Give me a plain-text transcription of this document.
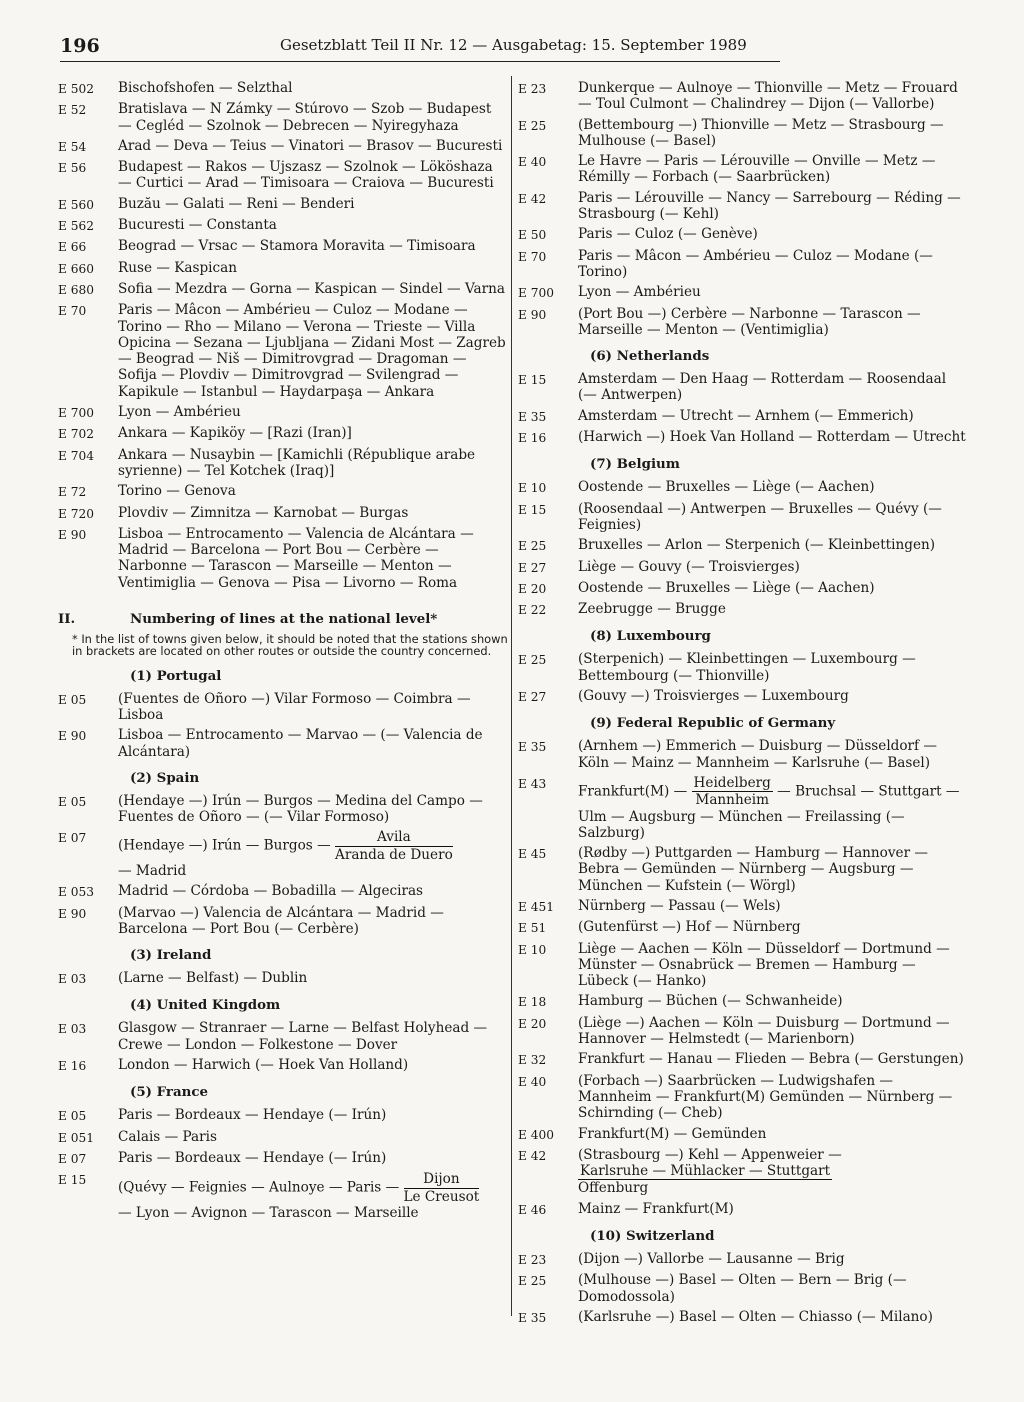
196	Gesetzblatt Teil II Nr. 12 — Ausgabetag: 15. September 1989
E 502	Bischofshofen — Selzthal
E 52	Bratislava — N Zámky — Stúrovo — Szob — Budapest — Cegléd — Szolnok — Debrecen — Nyiregyhaza
E 54	Arad — Deva — Teius — Vinatori — Brasov — Bucuresti
E 56	Budapest — Rakos — Ujszasz — Szolnok — Lököshaza — Curtici — Arad — Timisoara — Craiova — Bucuresti
E 560	Buzău — Galati — Reni — Benderi
E 562	Bucuresti — Constanta
E 66	Beograd — Vrsac — Stamora Moravita — Timisoara
E 660	Ruse — Kaspican
E 680	Sofia — Mezdra — Gorna — Kaspican — Sindel — Varna
E 70	Paris — Mâcon — Ambérieu — Culoz — Modane — Torino — Rho — Milano — Verona — Trieste — Villa Opicina — Sezana — Ljubljana — Zidani Most — Zagreb — Beograd — Niš — Dimitrovgrad — Dragoman — Sofija — Plovdiv — Dimitrovgrad — Svilengrad — Kapikule — Istanbul — Haydarpaşa — Ankara
E 700	Lyon — Ambérieu
E 702	Ankara — Kapiköy — [Razi (Iran)]
E 704	Ankara — Nusaybin — [Kamichli (République arabe syrienne) — Tel Kotchek (Iraq)]
E 72	Torino — Genova
E 720	Plovdiv — Zimnitza — Karnobat — Burgas
E 90	Lisboa — Entrocamento — Valencia de Alcántara — Madrid — Barcelona — Port Bou — Cerbère — Narbonne — Tarascon — Marseille — Menton — Ventimiglia — Genova — Pisa — Livorno — Roma
II.	Numbering of lines at the national level*
* In the list of towns given below, it should be noted that the stations shown in brackets are located on other routes or outside the country concerned.
(1) Portugal
E 05	(Fuentes de Oñoro —) Vilar Formoso — Coimbra — Lisboa
E 90	Lisboa — Entrocamento — Marvao — (— Valencia de Alcántara)
(2) Spain
E 05	(Hendaye —) Irún — Burgos — Medina del Campo — Fuentes de Oñoro — (— Vilar Formoso)
E 07	(Hendaye —) Irún — Burgos — $\frac{\text{Avila}}{\text{Aranda de Duero}}$

— Madrid
E 053	Madrid — Córdoba — Bobadilla — Algeciras
E 90	(Marvao —) Valencia de Alcántara — Madrid — Barcelona — Port Bou (— Cerbère)
(3) Ireland
E 03	(Larne — Belfast) — Dublin
(4) United Kingdom
E 03	Glasgow — Stranraer — Larne — Belfast Holyhead — Crewe — London — Folkestone — Dover
E 16	London — Harwich (— Hoek Van Holland)
(5) France
E 05	Paris — Bordeaux — Hendaye (— Irún)
E 051	Calais — Paris
E 07	Paris — Bordeaux — Hendaye (— Irún)
E 15	(Quévy — Feignies — Aulnoye — Paris — $\frac{\text{Dijon}}{\text{Le Creusot}}$

— Lyon — Avignon — Tarascon — Marseille
E 23	Dunkerque — Aulnoye — Thionville — Metz — Frouard — Toul Culmont — Chalindrey — Dijon (— Vallorbe)
E 25	(Bettembourg —) Thionville — Metz — Strasbourg — Mulhouse (— Basel)
E 40	Le Havre — Paris — Lérouville — Onville — Metz — Rémilly — Forbach (— Saarbrücken)
E 42	Paris — Lérouville — Nancy — Sarrebourg — Réding — Strasbourg (— Kehl)
E 50	Paris — Culoz (— Genève)
E 70	Paris — Mâcon — Ambérieu — Culoz — Modane (— Torino)
E 700	Lyon — Ambérieu
E 90	(Port Bou —) Cerbère — Narbonne — Tarascon — Marseille — Menton — (Ventimiglia)
(6) Netherlands
E 15	Amsterdam — Den Haag — Rotterdam — Roosendaal (— Antwerpen)
E 35	Amsterdam — Utrecht — Arnhem (— Emmerich)
E 16	(Harwich —) Hoek Van Holland — Rotterdam — Utrecht
(7) Belgium
E 10	Oostende — Bruxelles — Liège (— Aachen)
E 15	(Roosendaal —) Antwerpen — Bruxelles — Quévy (— Feignies)
E 25	Bruxelles — Arlon — Sterpenich (— Kleinbettingen)
E 27	Liège — Gouvy (— Troisvierges)
E 20	Oostende — Bruxelles — Liège (— Aachen)
E 22	Zeebrugge — Brugge
(8) Luxembourg
E 25	(Sterpenich) — Kleinbettingen — Luxembourg — Bettembourg (— Thionville)
E 27	(Gouvy —) Troisvierges — Luxembourg
(9) Federal Republic of Germany
E 35	(Arnhem —) Emmerich — Duisburg — Düsseldorf — Köln — Mainz — Mannheim — Karlsruhe (— Basel)
E 43	Frankfurt(M) — $\frac{\text{Heidelberg}}{\text{Mannheim}}$ — Bruchsal — Stuttgart — Ulm — Augsburg — München — Freilassing (— Salzburg)
E 45	(Rødby —) Puttgarden — Hamburg — Hannover — Bebra — Gemünden — Nürnberg — Augsburg — München — Kufstein (— Wörgl)
E 451	Nürnberg — Passau (— Wels)
E 51	(Gutenfürst —) Hof — Nürnberg
E 10	Liège — Aachen — Köln — Düsseldorf — Dortmund — Münster — Osnabrück — Bremen — Hamburg — Lübeck (— Hanko)
E 18	Hamburg — Büchen (— Schwanheide)
E 20	(Liège —) Aachen — Köln — Duisburg — Dortmund — Hannover — Helmstedt (— Marienborn)
E 32	Frankfurt — Hanau — Flieden — Bebra (— Gerstungen)
E 40	(Forbach —) Saarbrücken — Ludwigshafen — Mannheim — Frankfurt(M) Gemünden — Nürnberg — Schirnding (— Cheb)
E 400	Frankfurt(M) — Gemünden
E 42	(Strasbourg —) Kehl — Appenweier —

$\frac{\text{Karlsruhe — Mühlacker — Stuttgart}}{\text{Offenburg}}$
E 46	Mainz — Frankfurt(M)
(10) Switzerland
E 23	(Dijon —) Vallorbe — Lausanne — Brig
E 25	(Mulhouse —) Basel — Olten — Bern — Brig (— Domodossola)
E 35	(Karlsruhe —) Basel — Olten — Chiasso (— Milano)
